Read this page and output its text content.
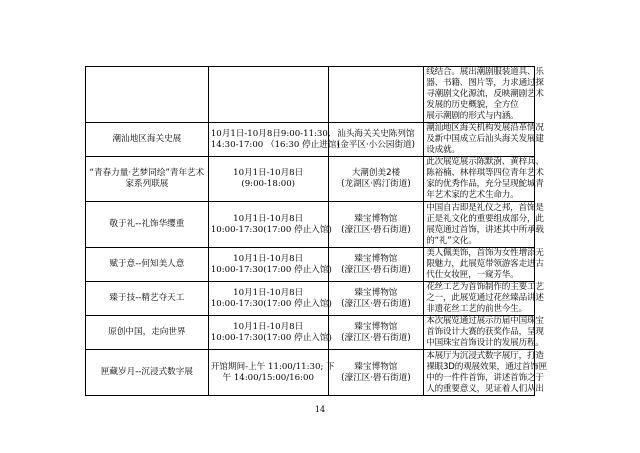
			线结合。展出潮剧服装道具、乐
器、书籍、图片等，力求通过探
寻潮剧文化源流，反映潮剧艺术
发展的历史概貌，全方位
展示潮剧的形式与内涵。

潮汕地区海关史展	10月1日-10月8日9:00-11:30,
14:30-17:00 （16:30 停止进馆)	汕头海关关史陈列馆
(金平区·小公园街道)	潮汕地区海关机构发展沿革情况
及新中国成立后汕头海关发展建
设成就。

“青春力量·艺梦同绘”青年艺术
家系列联展	10月1日-10月8日
(9:00-18:00)	大潮创美2楼
(龙湖区·鸥汀街道)	此次展览展示陈默澍、黄梓兵、
陈裕楠、林梓琪等四位青年艺术
家的优秀作品，充分呈现鮀城青
年艺术家的艺术生命力。

敬于礼--礼饰华缨重	10月1日-10月8日
10:00-17:30(17:00 停止入馆)	臻宝博物馆
(濠江区·礐石街道)	中国自古即是礼仪之邦，首饰是
正是礼文化的重要组成部分，此
展览通过首饰，讲述其中所承载
的“礼”文化。

赋于意--何知美人意	10月1日-10月8日
10:00-17:30(17:00 停止入馆)	臻宝博物馆
(濠江区·礐石街道)	美人佩美饰，首饰为女性增添无
限魅力，此展览带领游客走进古
代仕女妆匣，一窥芳华。

臻于技--精艺夺天工	10月1日-10月8日
10:00-17:30(17:00 停止入馆)	臻宝博物馆
(濠江区·礐石街道)	花丝工艺为首饰制作的主要工艺
之一，此展览通过花丝臻品讲述
非遗花丝工艺的前世今生。

原创中国，走向世界	10月1日-10月8日
10:00-17:30(17:00 停止入馆)	臻宝博物馆
(濠江区·礐石街道)	本次展览通过展示历届中国珠宝
首饰设计大赛的获奖作品，呈现
中国珠宝首饰设计的发展历程。

匣藏岁月--沉浸式数字展	开馆期间-上午 11:00/11:30; 下
午 14:00/15:00/16:00	臻宝博物馆
(濠江区·礐石街道)	本展厅为沉浸式数字展厅，打造
裸眼3D的观展效果，通过首饰匣
中的一件件首饰，讲述首饰之于
人的重要意义，见证着人们从出
14
